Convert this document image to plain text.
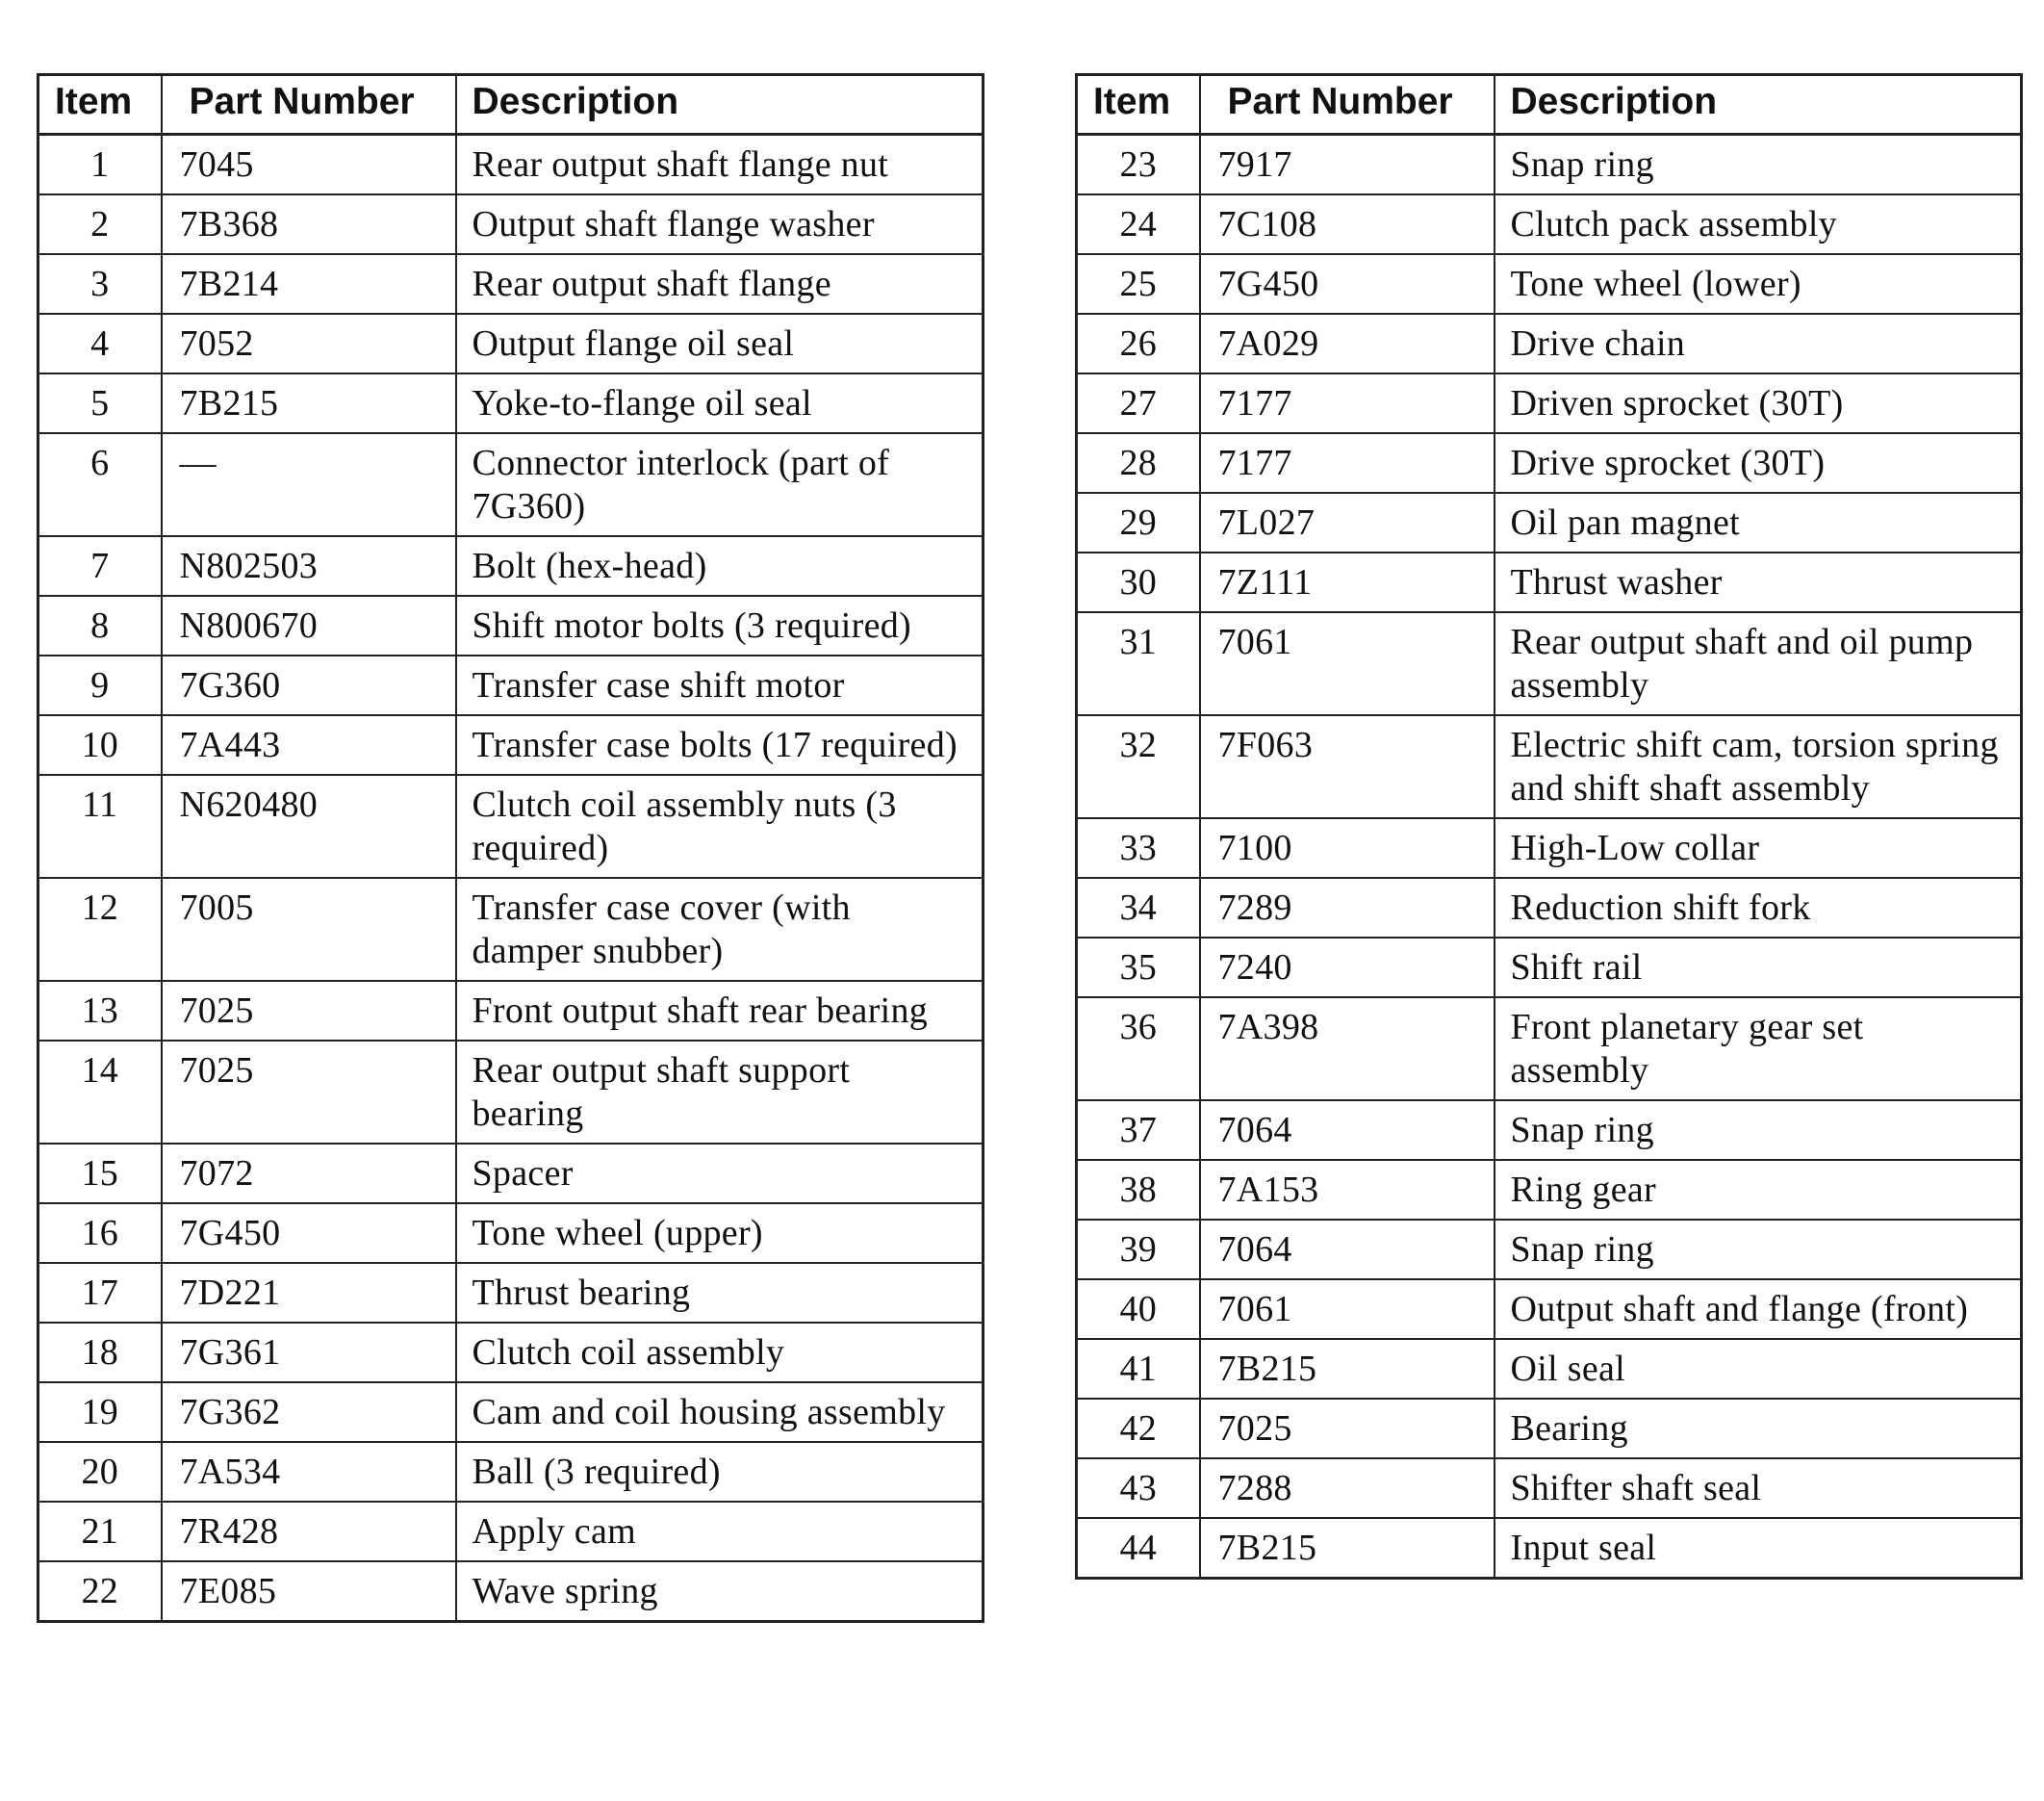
Item	Part Number	Description
1	7045	Rear output shaft flange nut
2	7B368	Output shaft flange washer
3	7B214	Rear output shaft flange
4	7052	Output flange oil seal
5	7B215	Yoke-to-flange oil seal
6	—	Connector interlock (part of 7G360)
7	N802503	Bolt (hex-head)
8	N800670	Shift motor bolts (3 required)
9	7G360	Transfer case shift motor
10	7A443	Transfer case bolts (17 required)
11	N620480	Clutch coil assembly nuts (3 required)
12	7005	Transfer case cover (with damper snubber)
13	7025	Front output shaft rear bearing
14	7025	Rear output shaft support bearing
15	7072	Spacer
16	7G450	Tone wheel (upper)
17	7D221	Thrust bearing
18	7G361	Clutch coil assembly
19	7G362	Cam and coil housing assembly
20	7A534	Ball (3 required)
21	7R428	Apply cam
22	7E085	Wave spring
Item	Part Number	Description
23	7917	Snap ring
24	7C108	Clutch pack assembly
25	7G450	Tone wheel (lower)
26	7A029	Drive chain
27	7177	Driven sprocket (30T)
28	7177	Drive sprocket (30T)
29	7L027	Oil pan magnet
30	7Z111	Thrust washer
31	7061	Rear output shaft and oil pump assembly
32	7F063	Electric shift cam, torsion spring and shift shaft assembly
33	7100	High-Low collar
34	7289	Reduction shift fork
35	7240	Shift rail
36	7A398	Front planetary gear set assembly
37	7064	Snap ring
38	7A153	Ring gear
39	7064	Snap ring
40	7061	Output shaft and flange (front)
41	7B215	Oil seal
42	7025	Bearing
43	7288	Shifter shaft seal
44	7B215	Input seal
